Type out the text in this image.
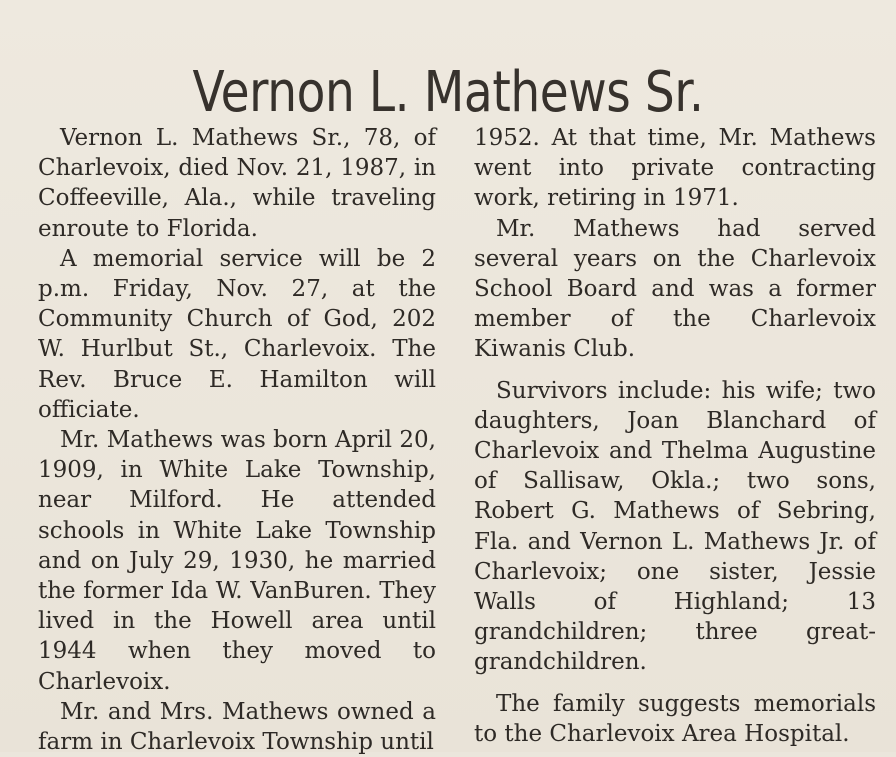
Vernon L. Mathews Sr.

Vernon L. Mathews Sr., 78, of Charlevoix, died Nov. 21, 1987, in Coffeeville, Ala., while traveling enroute to Florida.

A memorial service will be 2 p.m. Friday, Nov. 27, at the Community Church of God, 202 W. Hurlbut St., Charlevoix. The Rev. Bruce E. Hamilton will officiate.

Mr. Mathews was born April 20, 1909, in White Lake Township, near Milford. He attended schools in White Lake Township and on July 29, 1930, he married the former Ida W. VanBuren. They lived in the Howell area until 1944 when they moved to Charlevoix.

Mr. and Mrs. Mathews owned a farm in Charlevoix Township until

1952. At that time, Mr. Mathews went into private contracting work, retiring in 1971.

Mr. Mathews had served several years on the Charlevoix School Board and was a former member of the Charlevoix Kiwanis Club.

Survivors include: his wife; two daughters, Joan Blanchard of Charlevoix and Thelma Augustine of Sallisaw, Okla.; two sons, Robert G. Mathews of Sebring, Fla. and Vernon L. Mathews Jr. of Charlevoix; one sister, Jessie Walls of Highland; 13 grandchildren; three great-grandchildren.

The family suggests memorials to the Charlevoix Area Hospital.
